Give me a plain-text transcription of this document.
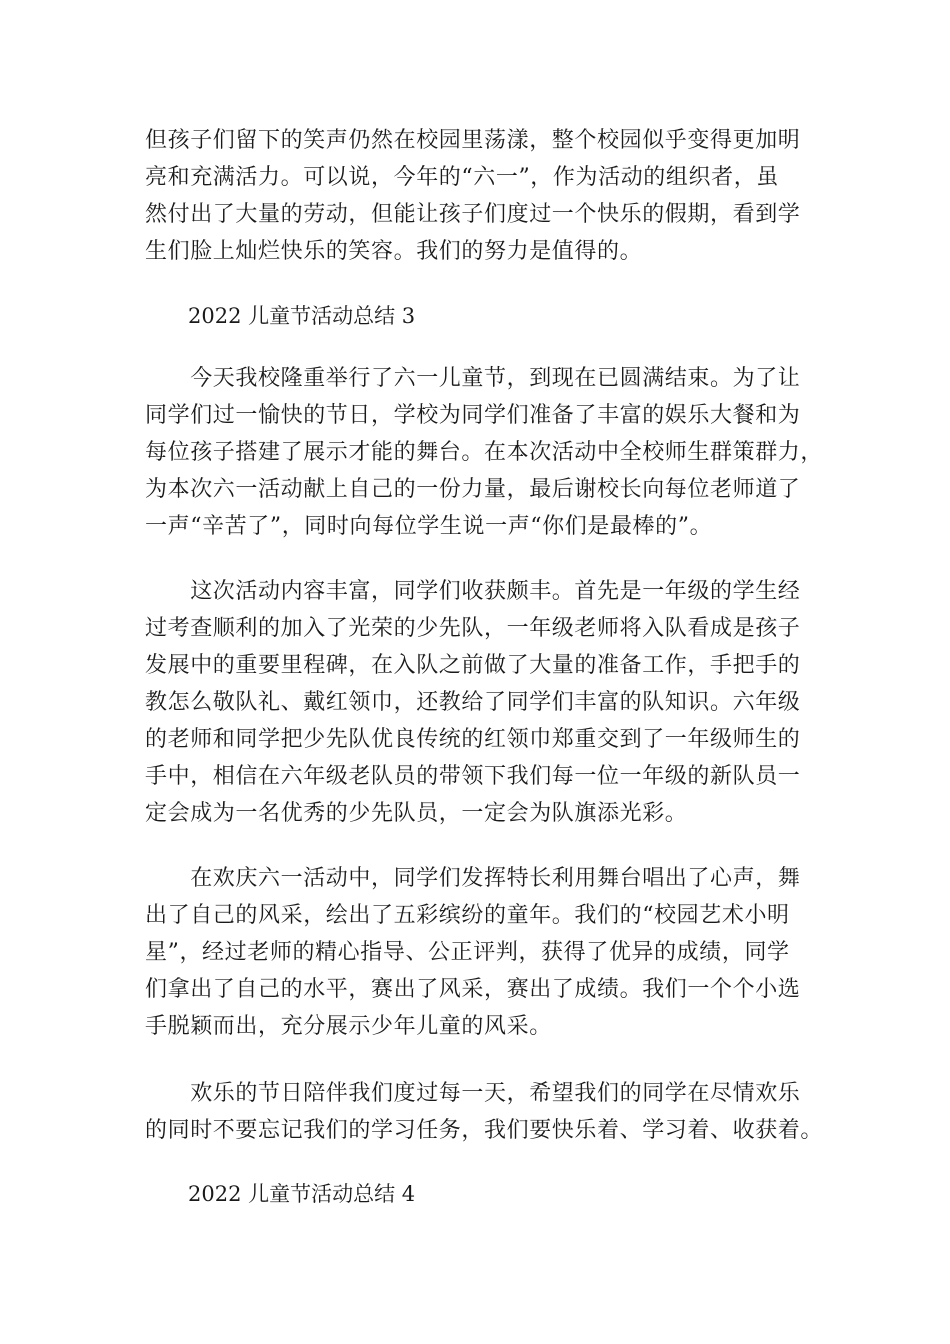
但孩子们留下的笑声仍然在校园里荡漾，整个校园似乎变得更加明
亮和充满活力。可以说，今年的“六一”，作为活动的组织者，虽
然付出了大量的劳动，但能让孩子们度过一个快乐的假期，看到学
生们脸上灿烂快乐的笑容。我们的努力是值得的。
2022 儿童节活动总结 3
　　今天我校隆重举行了六一儿童节，到现在已圆满结束。为了让
同学们过一愉快的节日，学校为同学们准备了丰富的娱乐大餐和为
每位孩子搭建了展示才能的舞台。在本次活动中全校师生群策群力，
为本次六一活动献上自己的一份力量，最后谢校长向每位老师道了
一声“辛苦了”，同时向每位学生说一声“你们是最棒的”。
　　这次活动内容丰富，同学们收获颇丰。首先是一年级的学生经
过考查顺利的加入了光荣的少先队，一年级老师将入队看成是孩子
发展中的重要里程碑，在入队之前做了大量的准备工作，手把手的
教怎么敬队礼、戴红领巾，还教给了同学们丰富的队知识。六年级
的老师和同学把少先队优良传统的红领巾郑重交到了一年级师生的
手中，相信在六年级老队员的带领下我们每一位一年级的新队员一
定会成为一名优秀的少先队员，一定会为队旗添光彩。
　　在欢庆六一活动中，同学们发挥特长利用舞台唱出了心声，舞
出了自己的风采，绘出了五彩缤纷的童年。我们的“校园艺术小明
星”，经过老师的精心指导、公正评判，获得了优异的成绩，同学
们拿出了自己的水平，赛出了风采，赛出了成绩。我们一个个小选
手脱颖而出，充分展示少年儿童的风采。
　　欢乐的节日陪伴我们度过每一天，希望我们的同学在尽情欢乐
的同时不要忘记我们的学习任务，我们要快乐着、学习着、收获着。
2022 儿童节活动总结 4
